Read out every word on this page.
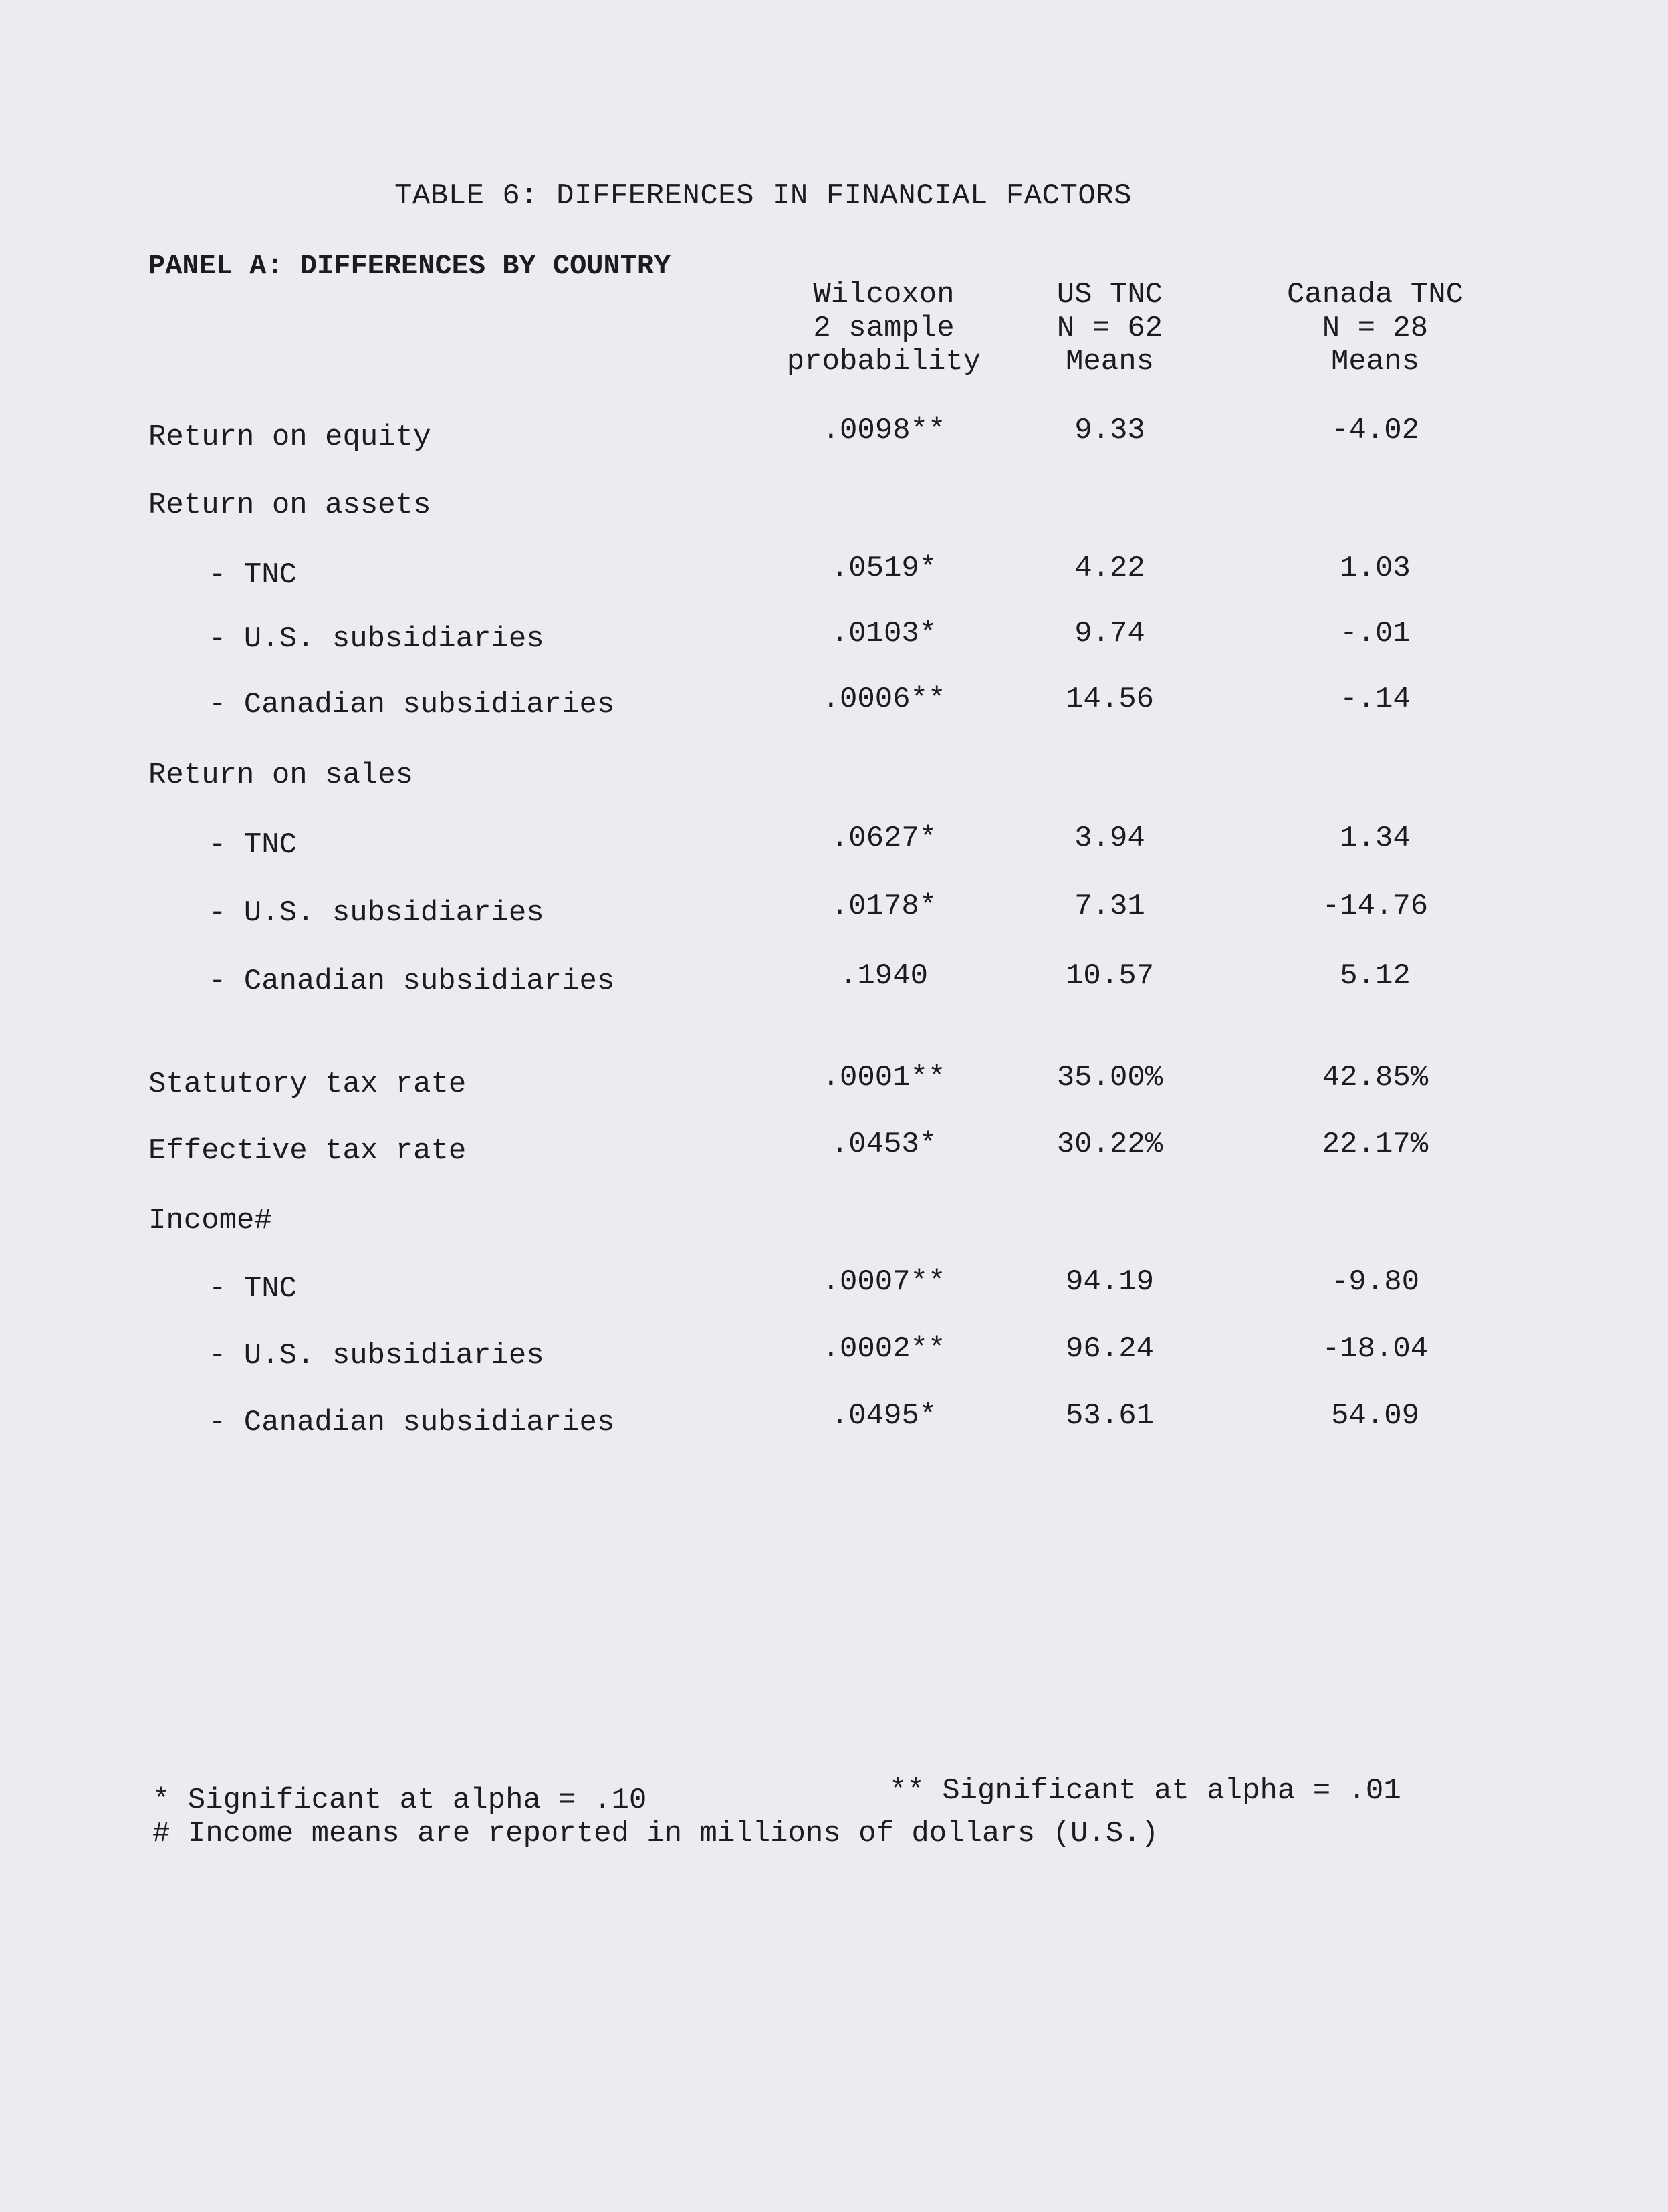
TABLE 6: DIFFERENCES IN FINANCIAL FACTORS
PANEL A: DIFFERENCES BY COUNTRY
Wilcoxon
2 sample
probability
US TNC
N = 62
Means
Canada TNC
N = 28
Means
Return on equity	.0098**	9.33	-4.02
Return on assets
- TNC	.0519*	4.22	1.03
- U.S. subsidiaries	.0103*	9.74	-.01
- Canadian subsidiaries	.0006**	14.56	-.14
Return on sales
- TNC	.0627*	3.94	1.34
- U.S. subsidiaries	.0178*	7.31	-14.76
- Canadian subsidiaries	.1940	10.57	5.12
Statutory tax rate	.0001**	35.00%	42.85%
Effective tax rate	.0453*	30.22%	22.17%
Income#
- TNC	.0007**	94.19	-9.80
- U.S. subsidiaries	.0002**	96.24	-18.04
- Canadian subsidiaries	.0495*	53.61	54.09
* Significant at alpha = .10	** Significant at alpha = .01
# Income means are reported in millions of dollars (U.S.)
